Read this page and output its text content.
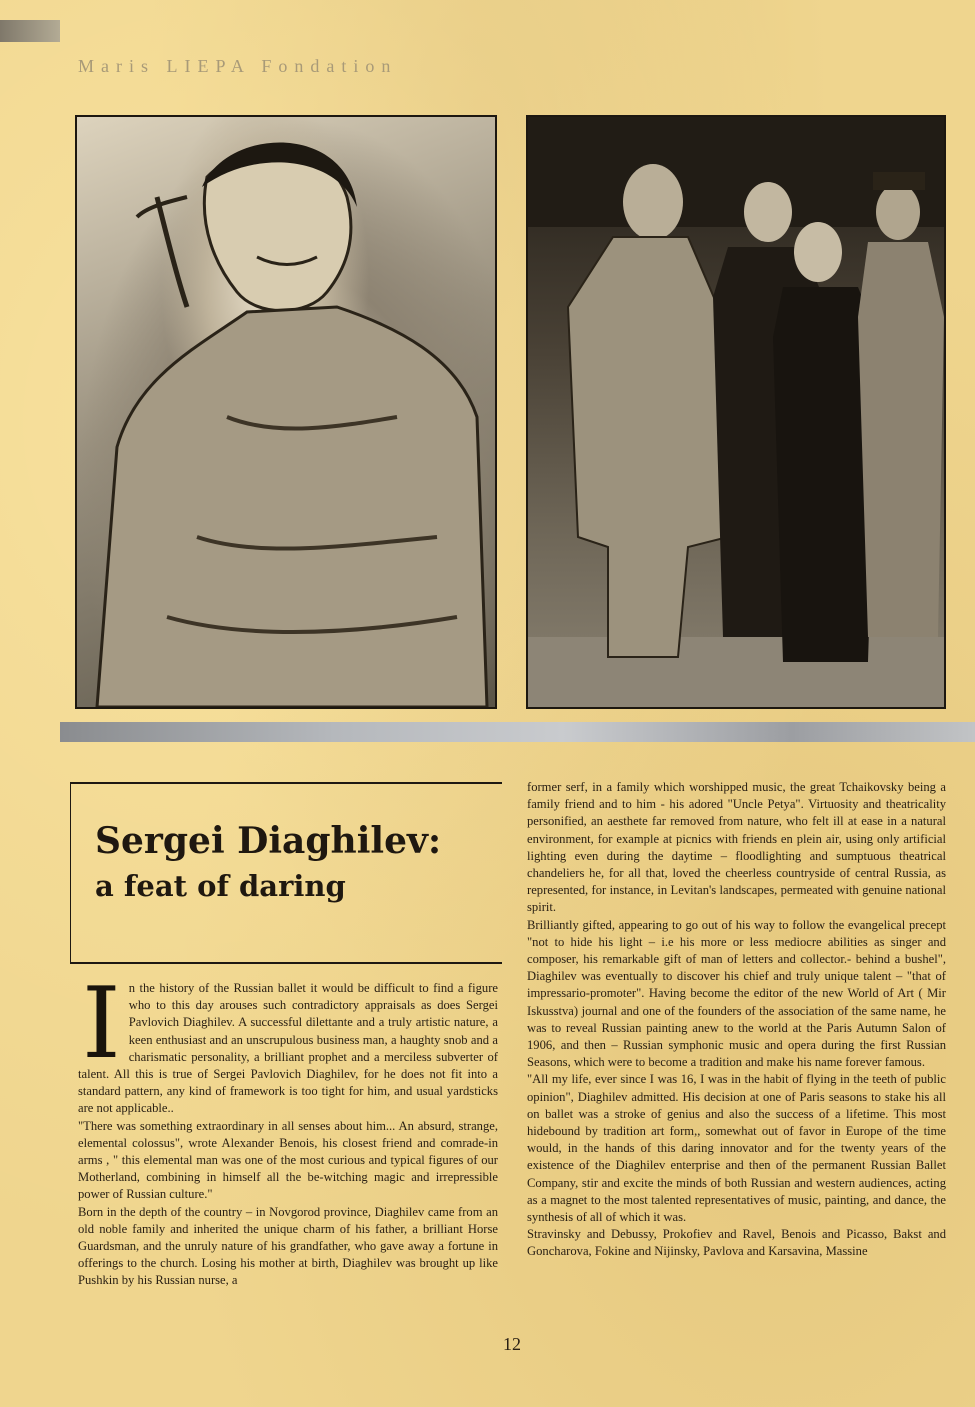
Maris LIEPA Fondation
Sergei Diaghilev:
a feat of daring
I n the history of the Russian ballet it would be difficult to find a figure who to this day arouses such contradictory appraisals as does Sergei Pavlovich Diaghilev. A successful dilettante and a truly artistic nature, a keen enthusiast and an unscrupulous business man, a haughty snob and a charismatic personality, a brilliant prophet and a merciless subverter of talent. All this is true of Sergei Pavlovich Diaghilev, for he does not fit into a standard pattern, any kind of framework is too tight for him, and usual yardsticks are not applicable..

"There was something extraordinary in all senses about him... An absurd, strange, elemental colossus", wrote Alexander Benois, his closest friend and comrade-in arms , " this elemental man was one of the most curious and typical figures of our Motherland, combining in himself all the be-witching magic and irrepressible power of Russian culture."

Born in the depth of the country – in Novgorod province, Diaghilev came from an old noble family and inherited the unique charm of his father, a brilliant Horse Guardsman, and the unruly nature of his grandfather, who gave away a fortune in offerings to the church. Losing his mother at birth, Diaghilev was brought up like Pushkin by his Russian nurse, a

former serf, in a family which worshipped music, the great Tchaikovsky being a family friend and to him - his adored "Uncle Petya". Virtuosity and theatricality personified, an aesthete far removed from nature, who felt ill at ease in a natural environment, for example at picnics with friends en plein air, using only artificial lighting even during the daytime – floodlighting and sumptuous theatrical chandeliers he, for all that, loved the cheerless countryside of central Russia, as represented, for instance, in Levitan's landscapes, permeated with genuine national spirit.

Brilliantly gifted, appearing to go out of his way to follow the evangelical precept "not to hide his light – i.e his more or less mediocre abilities as singer and composer, his remarkable gift of man of letters and collector.- behind a bushel", Diaghilev was eventually to discover his chief and truly unique talent – "that of impressario-promoter". Having become the editor of the new World of Art ( Mir Iskusstva) journal and one of the founders of the association of the same name, he was to reveal Russian painting anew to the world at the Paris Autumn Salon of 1906, and then – Russian symphonic music and opera during the first Russian Seasons, which were to become a tradition and make his name forever famous.

"All my life, ever since I was 16, I was in the habit of flying in the teeth of public opinion", Diaghilev admitted. His decision at one of Paris seasons to stake his all on ballet was a stroke of genius and also the success of a lifetime. This most hidebound by tradition art form,, somewhat out of favor in Europe of the time would, in the hands of this daring innovator and for the twenty years of the existence of the Diaghilev enterprise and then of the permanent Russian Ballet Company, stir and excite the minds of both Russian and western audiences, acting as a magnet to the most talented representatives of music, painting, and dance, the synthesis of all of which it was.

Stravinsky and Debussy, Prokofiev and Ravel, Benois and Picasso, Bakst and Goncharova, Fokine and Nijinsky, Pavlova and Karsavina, Massine

12
